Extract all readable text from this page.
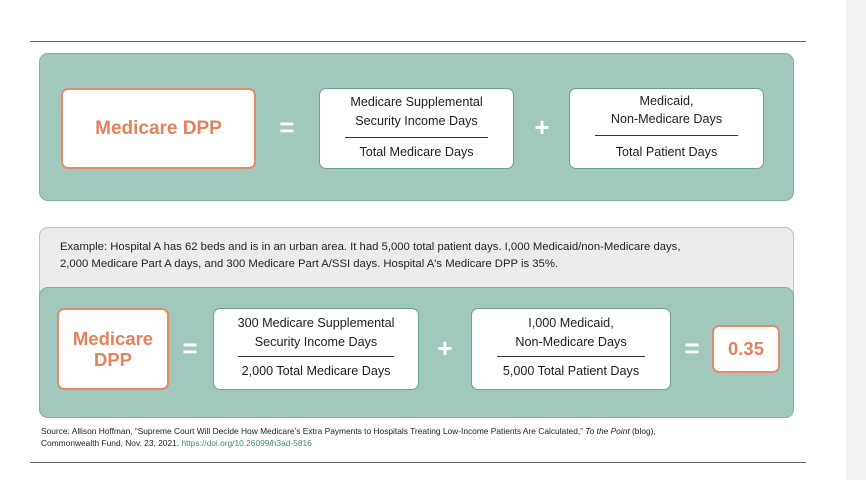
Medicare DPP =
Medicare Supplemental
Security Income Days
Total Medicare Days
+
Medicaid,
Non-Medicare Days
Total Patient Days
Example: Hospital A has 62 beds and is in an urban area. It had 5,000 total patient days. I,000 Medicaid/non-Medicare days,
2,000 Medicare Part A days, and 300 Medicare Part A/SSI days. Hospital A's Medicare DPP is 35%.
Medicare
DPP =
300 Medicare Supplemental
Security Income Days
2,000 Total Medicare Days
+
I,000 Medicaid,
Non-Medicare Days
5,000 Total Patient Days
= 0.35
Source: Allison Hoffman, “Supreme Court Will Decide How Medicare’s Extra Payments to Hospitals Treating Low-Income Patients Are Calculated,” To the Point (blog),
Commonwealth Fund, Nov. 23, 2021. https://doi.org/10.26099/h3ad-5816
